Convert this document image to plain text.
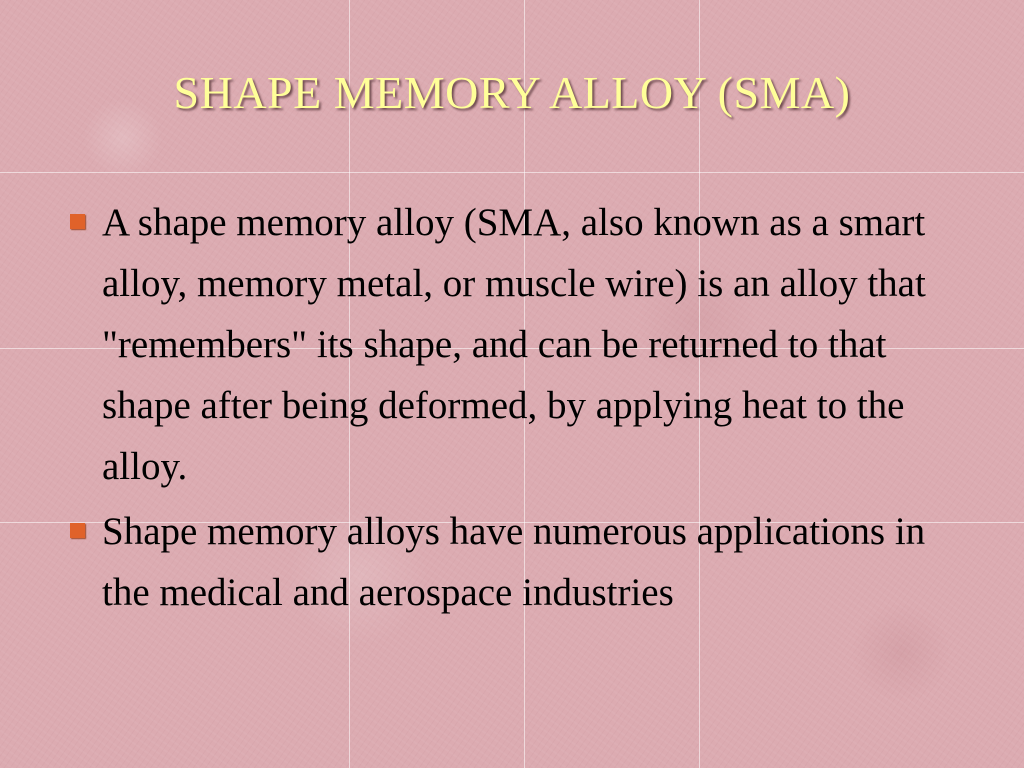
SHAPE MEMORY ALLOY (SMA)
A shape memory alloy (SMA, also known as a smart alloy, memory metal, or muscle wire) is an alloy that "remembers" its shape, and can be returned to that shape after being deformed, by applying heat to the alloy.
Shape memory alloys have numerous applications in the medical and aerospace industries
